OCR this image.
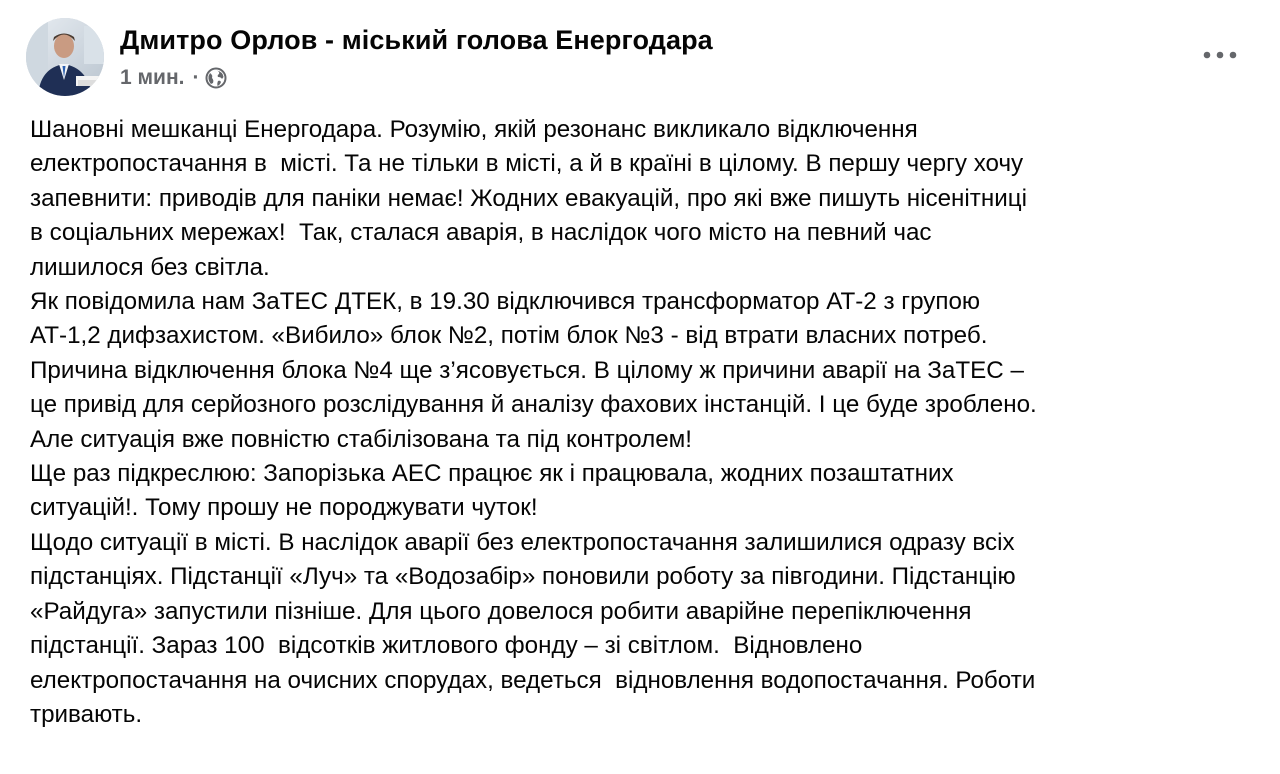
Дмитро Орлов - міський голова Енергодара
1 мин. ·
Шановні мешканці Енергодара. Розумію, якій резонанс викликало відключення
електропостачання в  місті. Та не тільки в місті, а й в країні в цілому. В першу чергу хочу
запевнити: приводів для паніки немає! Жодних евакуацій, про які вже пишуть нісенітниці
в соціальних мережах!  Так, сталася аварія, в наслідок чого місто на певний час
лишилося без світла.
Як повідомила нам ЗаТЕС ДТЕК, в 19.30 відключився трансформатор АТ-2 з групою
АТ-1,2 дифзахистом. «Вибило» блок №2, потім блок №3 - від втрати власних потреб.
Причина відключення блока №4 ще з’ясовується. В цілому ж причини аварії на ЗаТЕС –
це привід для серйозного розслідування й аналізу фахових інстанцій. І це буде зроблено.
Але ситуація вже повністю стабілізована та під контролем!
Ще раз підкреслюю: Запорізька АЕС працює як і працювала, жодних позаштатних
ситуацій!. Тому прошу не породжувати чуток!
Щодо ситуації в місті. В наслідок аварії без електропостачання залишилися одразу всіх
підстанціях. Підстанції «Луч» та «Водозабір» поновили роботу за півгодини. Підстанцію
«Райдуга» запустили пізніше. Для цього довелося робити аварійне перепіключення
підстанції. Зараз 100  відсотків житлового фонду – зі світлом.  Відновлено
електропостачання на очисних спорудах, ведеться  відновлення водопостачання. Роботи
тривають.
